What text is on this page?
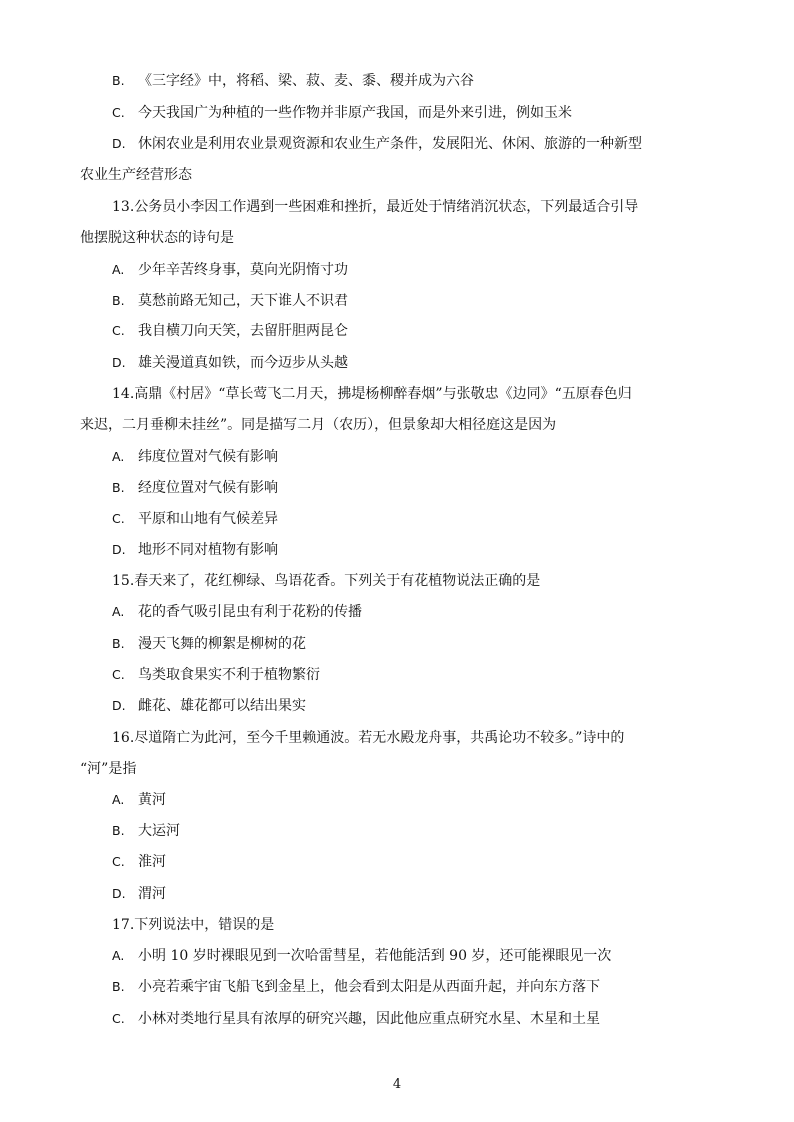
B. 《三字经》中，将稻、梁、菽、麦、黍、稷并成为六谷
C. 今天我国广为种植的一些作物并非原产我国，而是外来引进，例如玉米
D. 休闲农业是利用农业景观资源和农业生产条件，发展阳光、休闲、旅游的一种新型
农业生产经营形态
13.公务员小李因工作遇到一些困难和挫折，最近处于情绪消沉状态，下列最适合引导
他摆脱这种状态的诗句是
A. 少年辛苦终身事，莫向光阴惰寸功
B. 莫愁前路无知己，天下谁人不识君
C. 我自横刀向天笑，去留肝胆两昆仑
D. 雄关漫道真如铁，而今迈步从头越
14.高鼎《村居》“草长莺飞二月天，拂堤杨柳醉春烟”与张敬忠《边同》“五原春色归
来迟，二月垂柳未挂丝”。同是描写二月（农历），但景象却大相径庭这是因为
A. 纬度位置对气候有影响
B. 经度位置对气候有影响
C. 平原和山地有气候差异
D. 地形不同对植物有影响
15.春天来了，花红柳绿、鸟语花香。下列关于有花植物说法正确的是
A. 花的香气吸引昆虫有利于花粉的传播
B. 漫天飞舞的柳絮是柳树的花
C. 鸟类取食果实不利于植物繁衍
D. 雌花、雄花都可以结出果实
16.尽道隋亡为此河，至今千里赖通波。若无水殿龙舟事，共禹论功不较多。”诗中的
“河”是指
A. 黄河
B. 大运河
C. 淮河
D. 渭河
17.下列说法中，错误的是
A. 小明 10 岁时裸眼见到一次哈雷彗星，若他能活到 90 岁，还可能裸眼见一次
B. 小亮若乘宇宙飞船飞到金星上，他会看到太阳是从西面升起，并向东方落下
C. 小林对类地行星具有浓厚的研究兴趣，因此他应重点研究水星、木星和土星
4
